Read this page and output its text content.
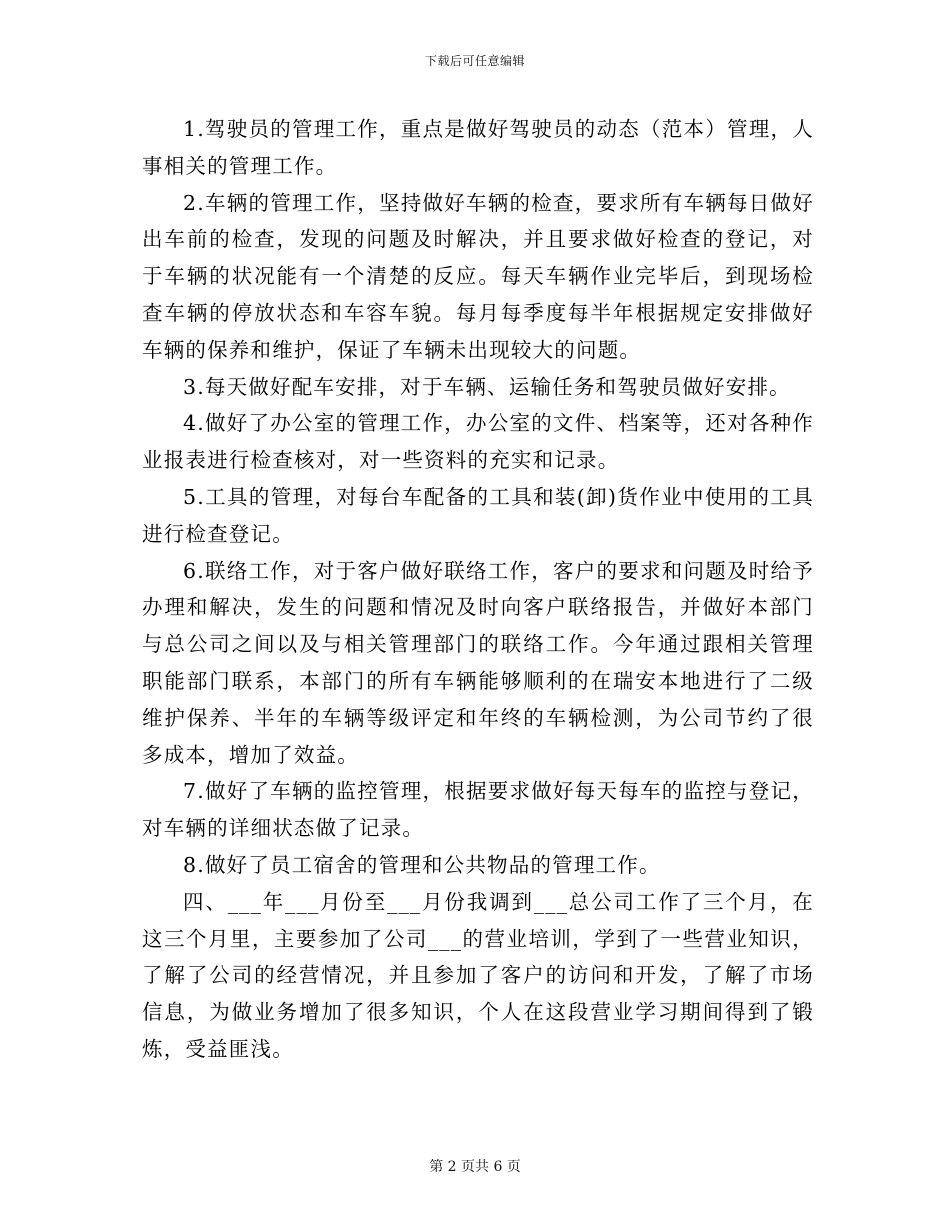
下载后可任意编辑

1.驾驶员的管理工作，重点是做好驾驶员的动态（范本）管理，人事相关的管理工作。

2.车辆的管理工作，坚持做好车辆的检查，要求所有车辆每日做好出车前的检查，发现的问题及时解决，并且要求做好检查的登记，对于车辆的状况能有一个清楚的反应。每天车辆作业完毕后，到现场检查车辆的停放状态和车容车貌。每月每季度每半年根据规定安排做好车辆的保养和维护，保证了车辆未出现较大的问题。

3.每天做好配车安排，对于车辆、运输任务和驾驶员做好安排。

4.做好了办公室的管理工作，办公室的文件、档案等，还对各种作业报表进行检查核对，对一些资料的充实和记录。

5.工具的管理，对每台车配备的工具和装(卸)货作业中使用的工具进行检查登记。

6.联络工作，对于客户做好联络工作，客户的要求和问题及时给予办理和解决，发生的问题和情况及时向客户联络报告，并做好本部门与总公司之间以及与相关管理部门的联络工作。今年通过跟相关管理职能部门联系，本部门的所有车辆能够顺利的在瑞安本地进行了二级维护保养、半年的车辆等级评定和年终的车辆检测，为公司节约了很多成本，增加了效益。

7.做好了车辆的监控管理，根据要求做好每天每车的监控与登记，对车辆的详细状态做了记录。

8.做好了员工宿舍的管理和公共物品的管理工作。

四、___年___月份至___月份我调到___总公司工作了三个月，在这三个月里，主要参加了公司___的营业培训，学到了一些营业知识，了解了公司的经营情况，并且参加了客户的访问和开发，了解了市场信息，为做业务增加了很多知识，个人在这段营业学习期间得到了锻炼，受益匪浅。

第 2 页共 6 页
